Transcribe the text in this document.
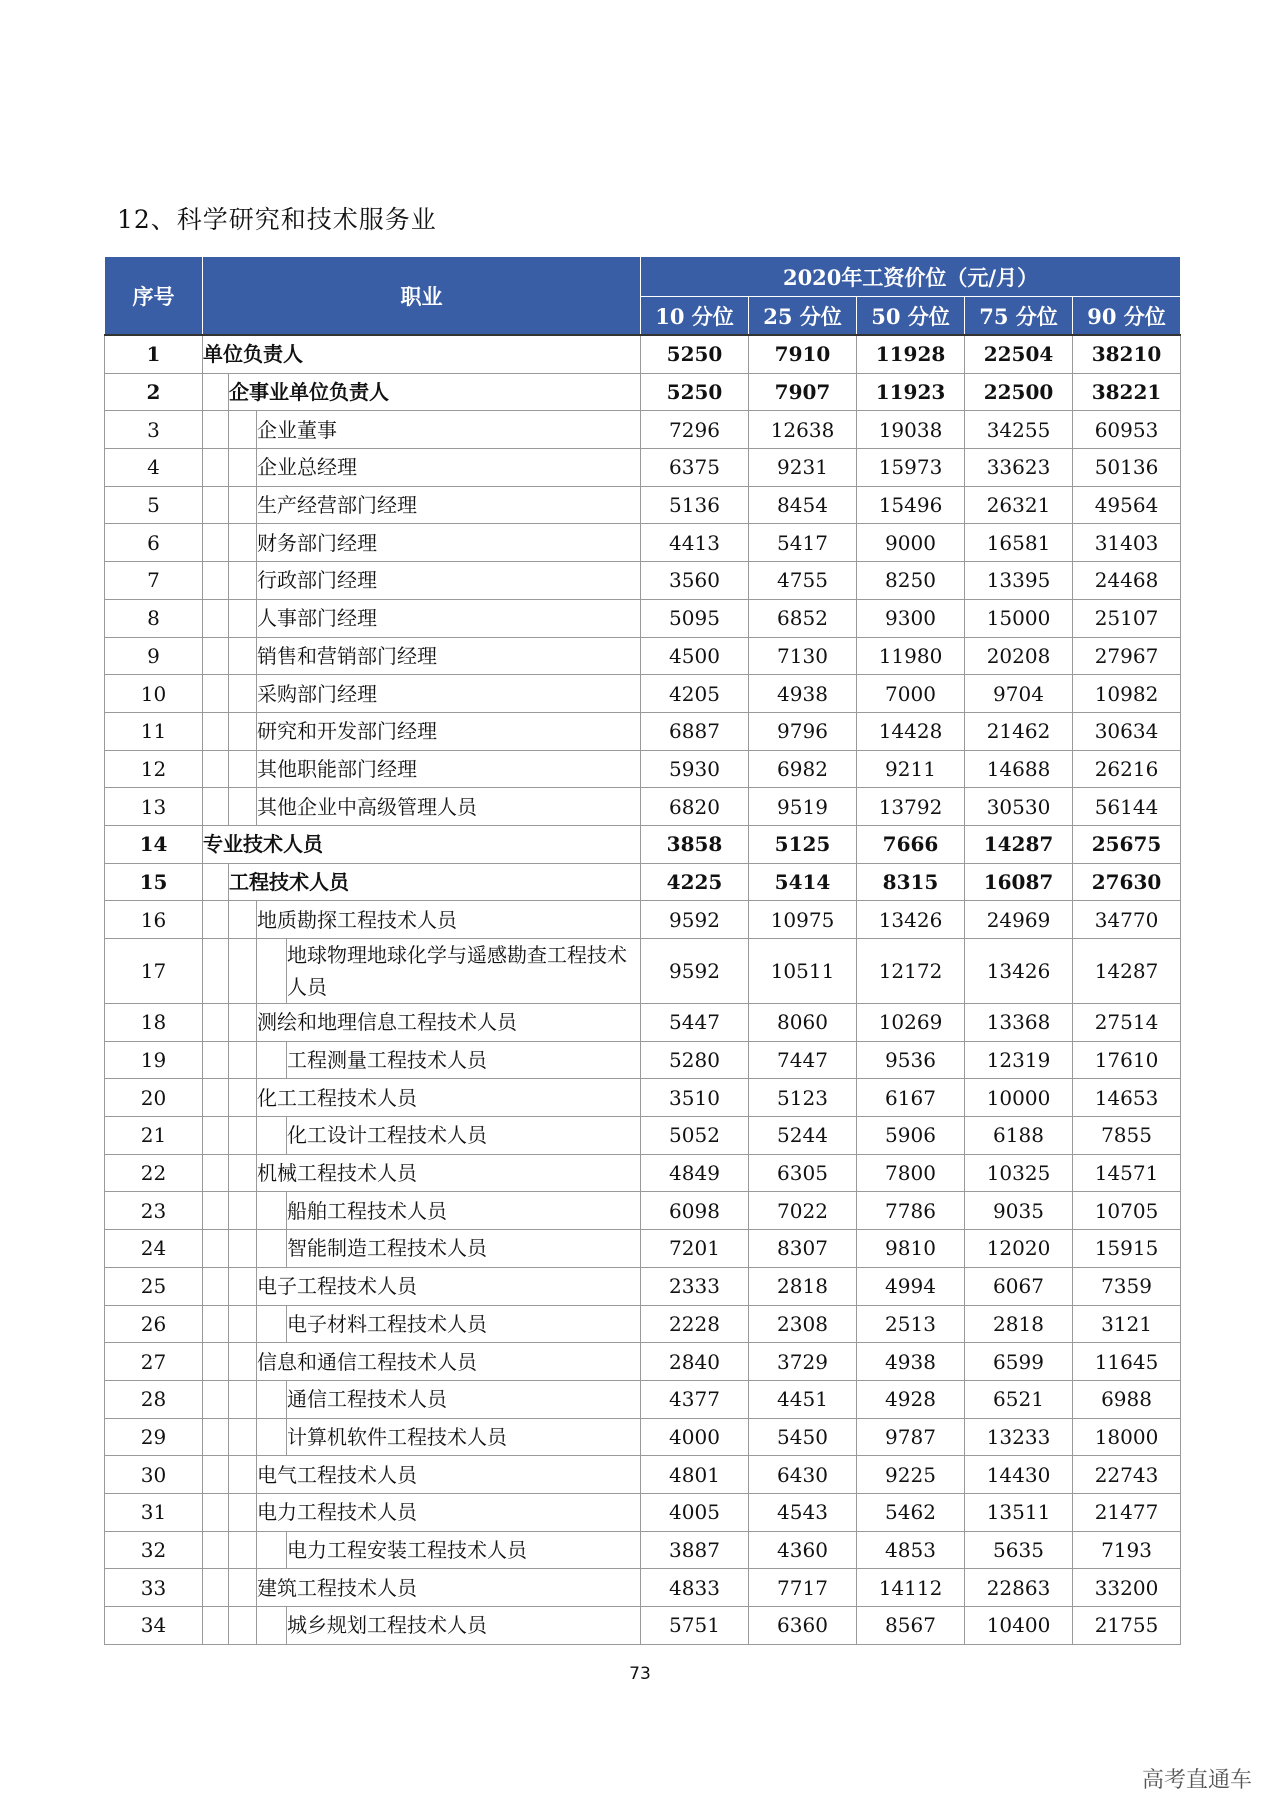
12、科学研究和技术服务业
序号	职业				2020年工资价位（元/月）				
					10 分位	25 分位	50 分位	75 分位	90 分位
1	单位负责人				5250	7910	11928	22504	38210
2		企事业单位负责人			5250	7907	11923	22500	38221
3			企业董事		7296	12638	19038	34255	60953
4			企业总经理		6375	9231	15973	33623	50136
5			生产经营部门经理		5136	8454	15496	26321	49564
6			财务部门经理		4413	5417	9000	16581	31403
7			行政部门经理		3560	4755	8250	13395	24468
8			人事部门经理		5095	6852	9300	15000	25107
9			销售和营销部门经理		4500	7130	11980	20208	27967
10			采购部门经理		4205	4938	7000	9704	10982
11			研究和开发部门经理		6887	9796	14428	21462	30634
12			其他职能部门经理		5930	6982	9211	14688	26216
13			其他企业中高级管理人员		6820	9519	13792	30530	56144
14	专业技术人员				3858	5125	7666	14287	25675
15		工程技术人员			4225	5414	8315	16087	27630
16			地质勘探工程技术人员		9592	10975	13426	24969	34770
17				地球物理地球化学与遥感勘查工程技术人员	9592	10511	12172	13426	14287
18			测绘和地理信息工程技术人员		5447	8060	10269	13368	27514
19				工程测量工程技术人员	5280	7447	9536	12319	17610
20			化工工程技术人员		3510	5123	6167	10000	14653
21				化工设计工程技术人员	5052	5244	5906	6188	7855
22			机械工程技术人员		4849	6305	7800	10325	14571
23				船舶工程技术人员	6098	7022	7786	9035	10705
24				智能制造工程技术人员	7201	8307	9810	12020	15915
25			电子工程技术人员		2333	2818	4994	6067	7359
26				电子材料工程技术人员	2228	2308	2513	2818	3121
27			信息和通信工程技术人员		2840	3729	4938	6599	11645
28				通信工程技术人员	4377	4451	4928	6521	6988
29				计算机软件工程技术人员	4000	5450	9787	13233	18000
30			电气工程技术人员		4801	6430	9225	14430	22743
31			电力工程技术人员		4005	4543	5462	13511	21477
32				电力工程安装工程技术人员	3887	4360	4853	5635	7193
33			建筑工程技术人员		4833	7717	14112	22863	33200
34				城乡规划工程技术人员	5751	6360	8567	10400	21755
73
高考直通车
